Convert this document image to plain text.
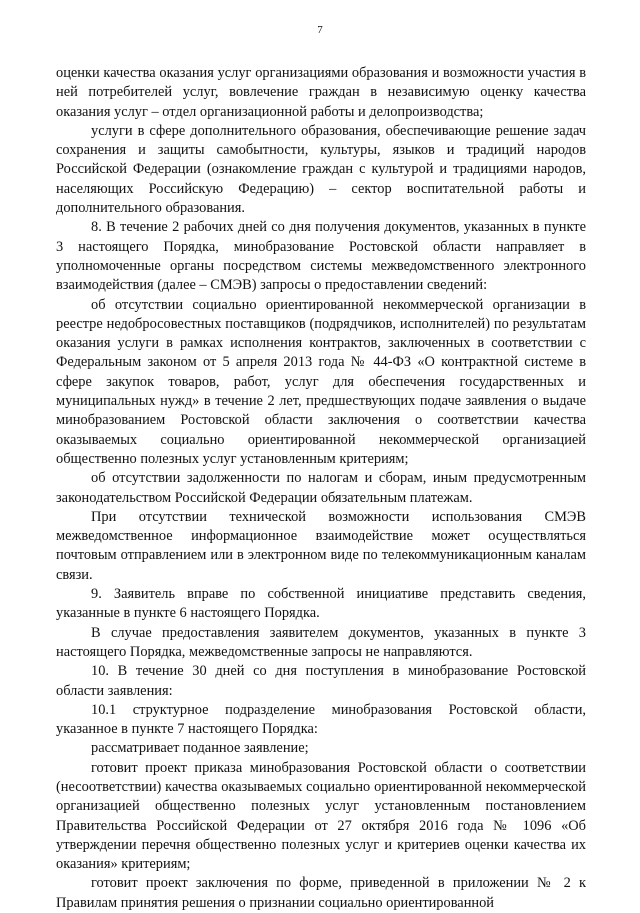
7

оценки качества оказания услуг организациями образования и возможности участия в ней потребителей услуг, вовлечение граждан в независимую оценку качества оказания услуг – отдел организационной работы и делопроизводства;

услуги в сфере дополнительного образования, обеспечивающие решение задач сохранения и защиты самобытности, культуры, языков и традиций народов Российской Федерации (ознакомление граждан с культурой и традициями народов, населяющих Российскую Федерацию) – сектор воспитательной работы и дополнительного образования.

8. В течение 2 рабочих дней со дня получения документов, указанных в пункте 3 настоящего Порядка, минобразование Ростовской области направляет в уполномоченные органы посредством системы межведомственного электронного взаимодействия (далее – СМЭВ) запросы о предоставлении сведений:

об отсутствии социально ориентированной некоммерческой организации в реестре недобросовестных поставщиков (подрядчиков, исполнителей) по результатам оказания услуги в рамках исполнения контрактов, заключенных в соответствии с Федеральным законом от 5 апреля 2013 года № 44-ФЗ «О контрактной системе в сфере закупок товаров, работ, услуг для обеспечения государственных и муниципальных нужд» в течение 2 лет, предшествующих подаче заявления о выдаче минобразованием Ростовской области заключения о соответствии качества оказываемых социально ориентированной некоммерческой организацией общественно полезных услуг установленным критериям;

об отсутствии задолженности по налогам и сборам, иным предусмотренным законодательством Российской Федерации обязательным платежам.

При отсутствии технической возможности использования СМЭВ межведомственное информационное взаимодействие может осуществляться почтовым отправлением или в электронном виде по телекоммуникационным каналам связи.

9. Заявитель вправе по собственной инициативе представить сведения, указанные в пункте 6 настоящего Порядка.

В случае предоставления заявителем документов, указанных в пункте 3 настоящего Порядка, межведомственные запросы не направляются.

10. В течение 30 дней со дня поступления в минобразование Ростовской области заявления:

10.1 структурное подразделение минобразования Ростовской области, указанное в пункте 7 настоящего Порядка:

рассматривает поданное заявление;

готовит проект приказа минобразования Ростовской области о соответствии (несоответствии) качества оказываемых социально ориентированной некоммерческой организацией общественно полезных услуг установленным постановлением Правительства Российской Федерации от 27 октября 2016 года № 1096 «Об утверждении перечня общественно полезных услуг и критериев оценки качества их оказания» критериям;

готовит проект заключения по форме, приведенной в приложении № 2 к Правилам принятия решения о признании социально ориентированной
